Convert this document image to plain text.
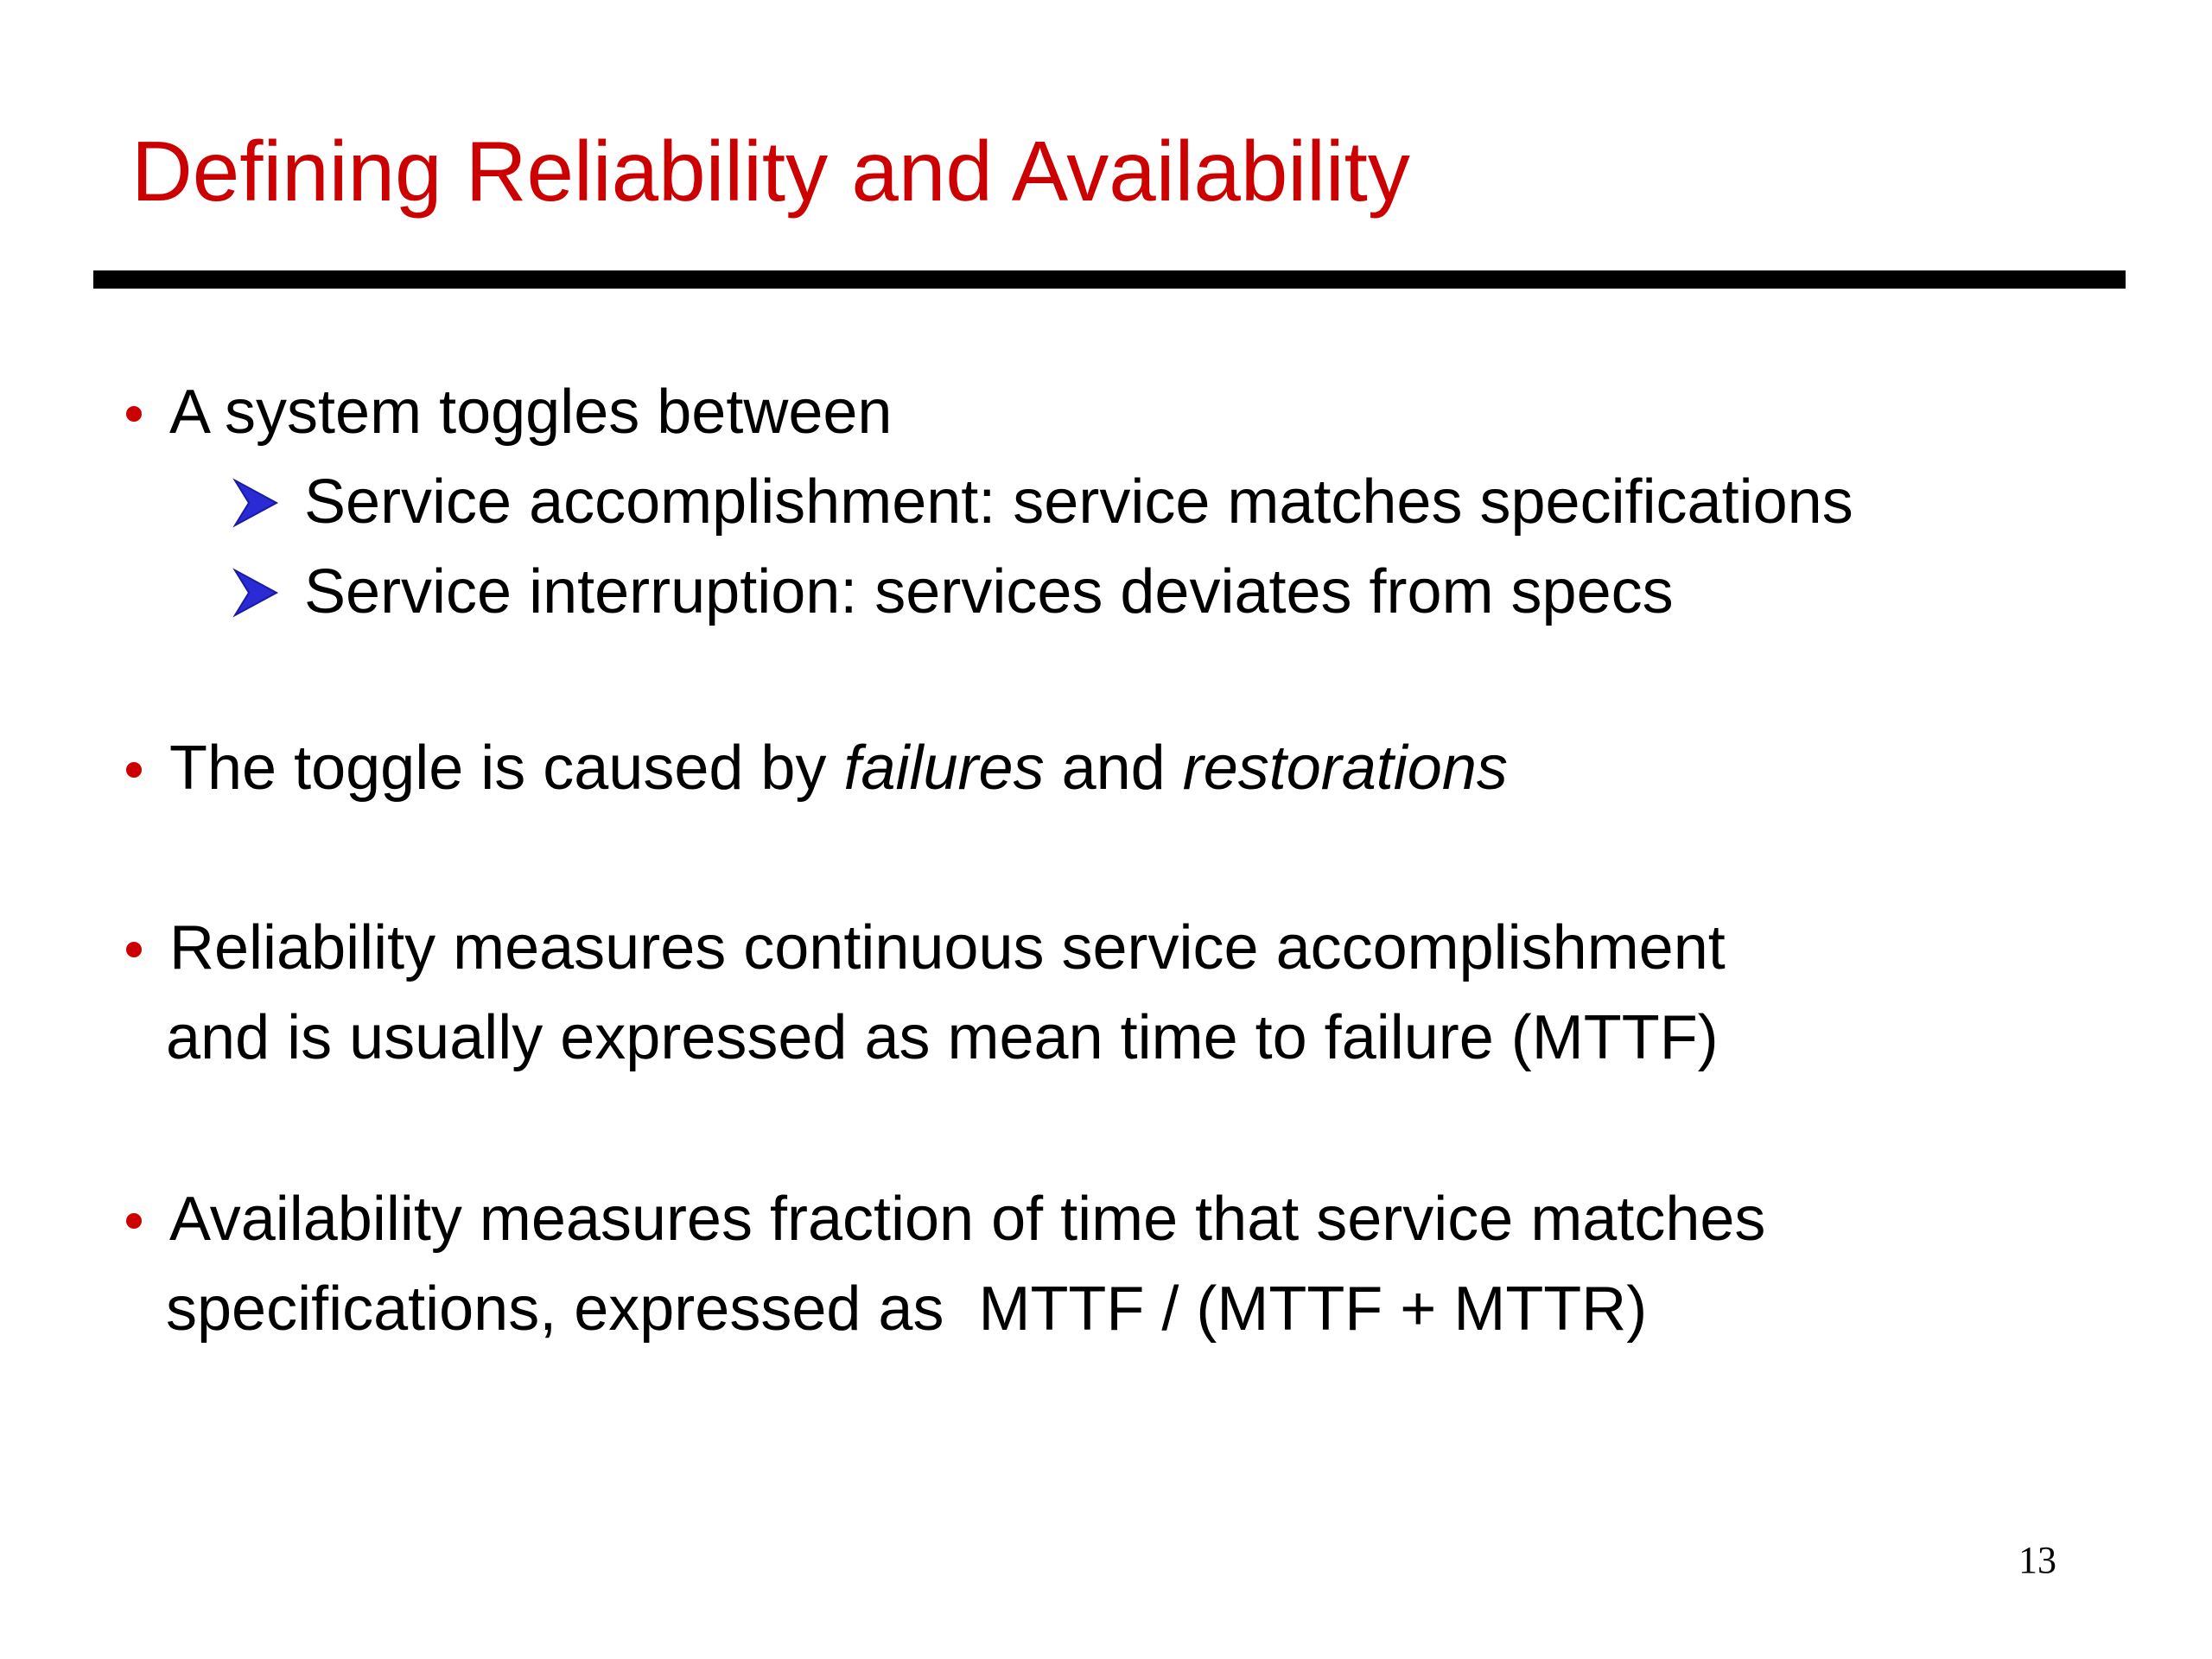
Defining Reliability and Availability
A system toggles between
Service accomplishment: service matches specifications
Service interruption: services deviates from specs
The toggle is caused by failures and restorations
Reliability measures continuous service accomplishment
and is usually expressed as mean time to failure (MTTF)
Availability measures fraction of time that service matches
specifications, expressed as  MTTF / (MTTF + MTTR)
13
